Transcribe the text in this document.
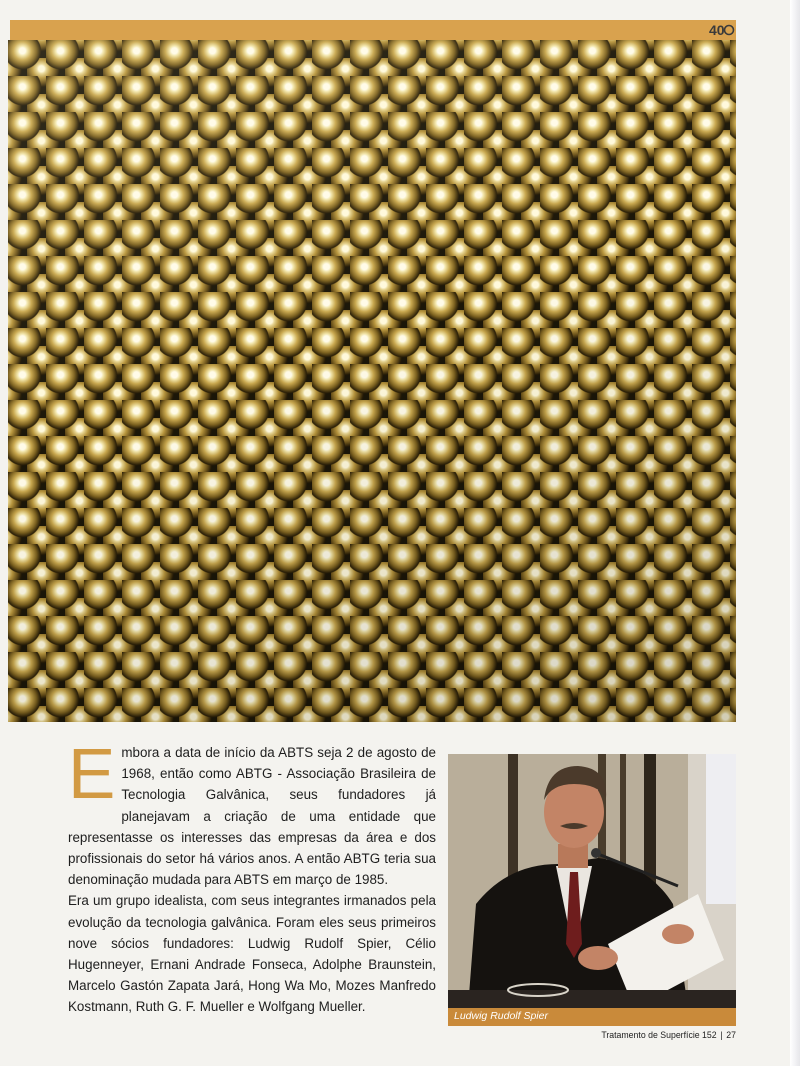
40
E mbora a data de início da ABTS seja 2 de agosto de 1968, então como ABTG - Associação Brasileira de Tecnologia Galvânica, seus fundadores já planejavam a criação de uma entidade que representasse os interesses das empresas da área e dos profissionais do setor há vários anos. A então ABTG teria sua denominação mudada para ABTS em março de 1985.

Era um grupo idealista, com seus integrantes irmanados pela evolução da tecnologia galvânica. Foram eles seus primeiros nove sócios fundadores: Ludwig Rudolf Spier, Célio Hugenneyer, Ernani Andrade Fonseca, Adolphe Braunstein, Marcelo Gastón Zapata Jará, Hong Wa Mo, Mozes Manfredo Kostmann, Ruth G. F. Mueller e Wolfgang Mueller.

Ludwig Rudolf Spier
Tratamento de Superfície 152 | 27
